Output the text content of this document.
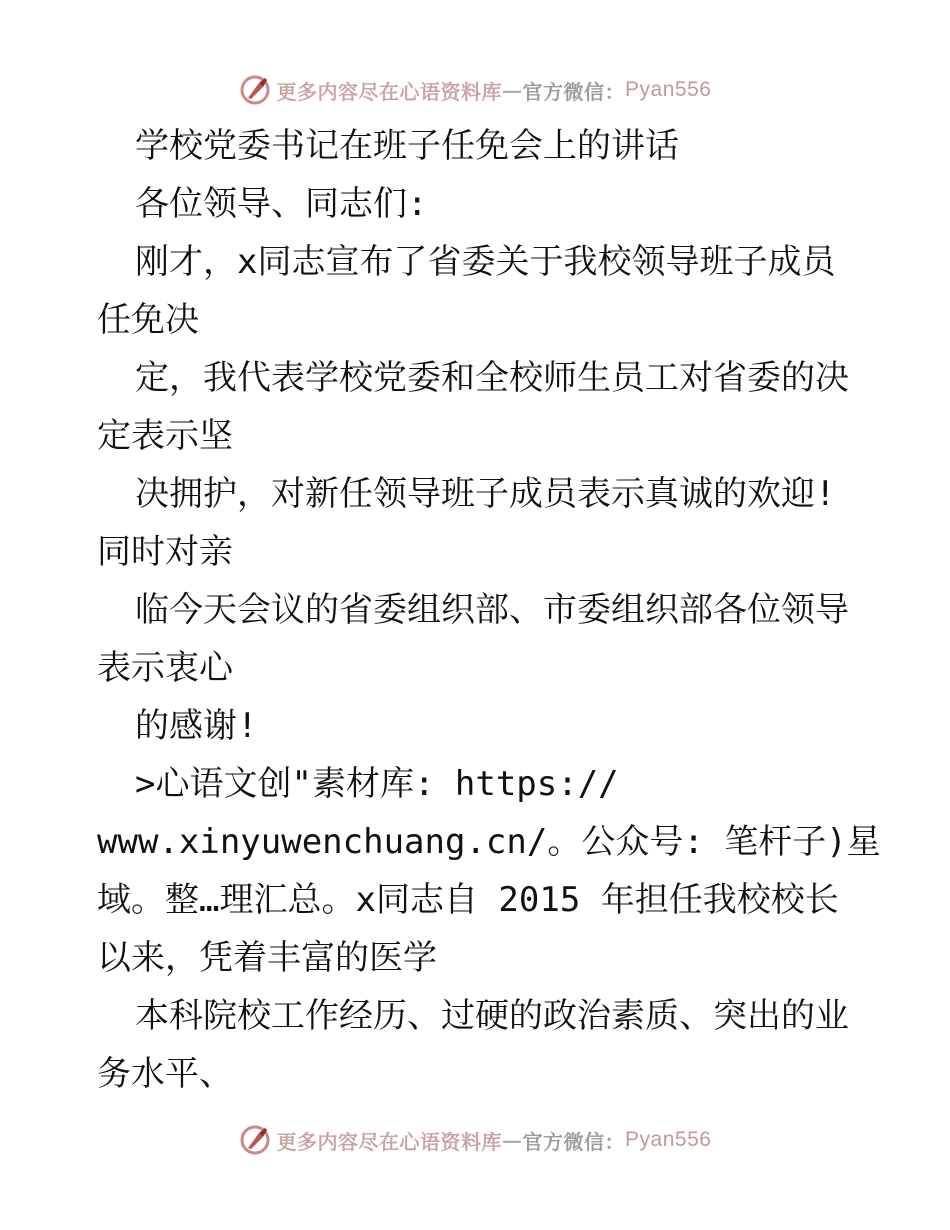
更多内容尽在心语资料库 — 官方微信： Pyan556
学校党委书记在班子任免会上的讲话
各位领导、同志们:
刚才，x同志宣布了省委关于我校领导班子成员
任免决
定，我代表学校党委和全校师生员工对省委的决
定表示坚
决拥护，对新任领导班子成员表示真诚的欢迎!
同时对亲
临今天会议的省委组织部、市委组织部各位领导
表示衷心
的感谢!
>心语文创"素材库: https://
www.xinyuwenchuang.cn/。公众号: 笔杆子)星
域。整…理汇总。x同志自 2015 年担任我校校长
以来，凭着丰富的医学
本科院校工作经历、过硬的政治素质、突出的业
务水平、
更多内容尽在心语资料库 — 官方微信： Pyan556
